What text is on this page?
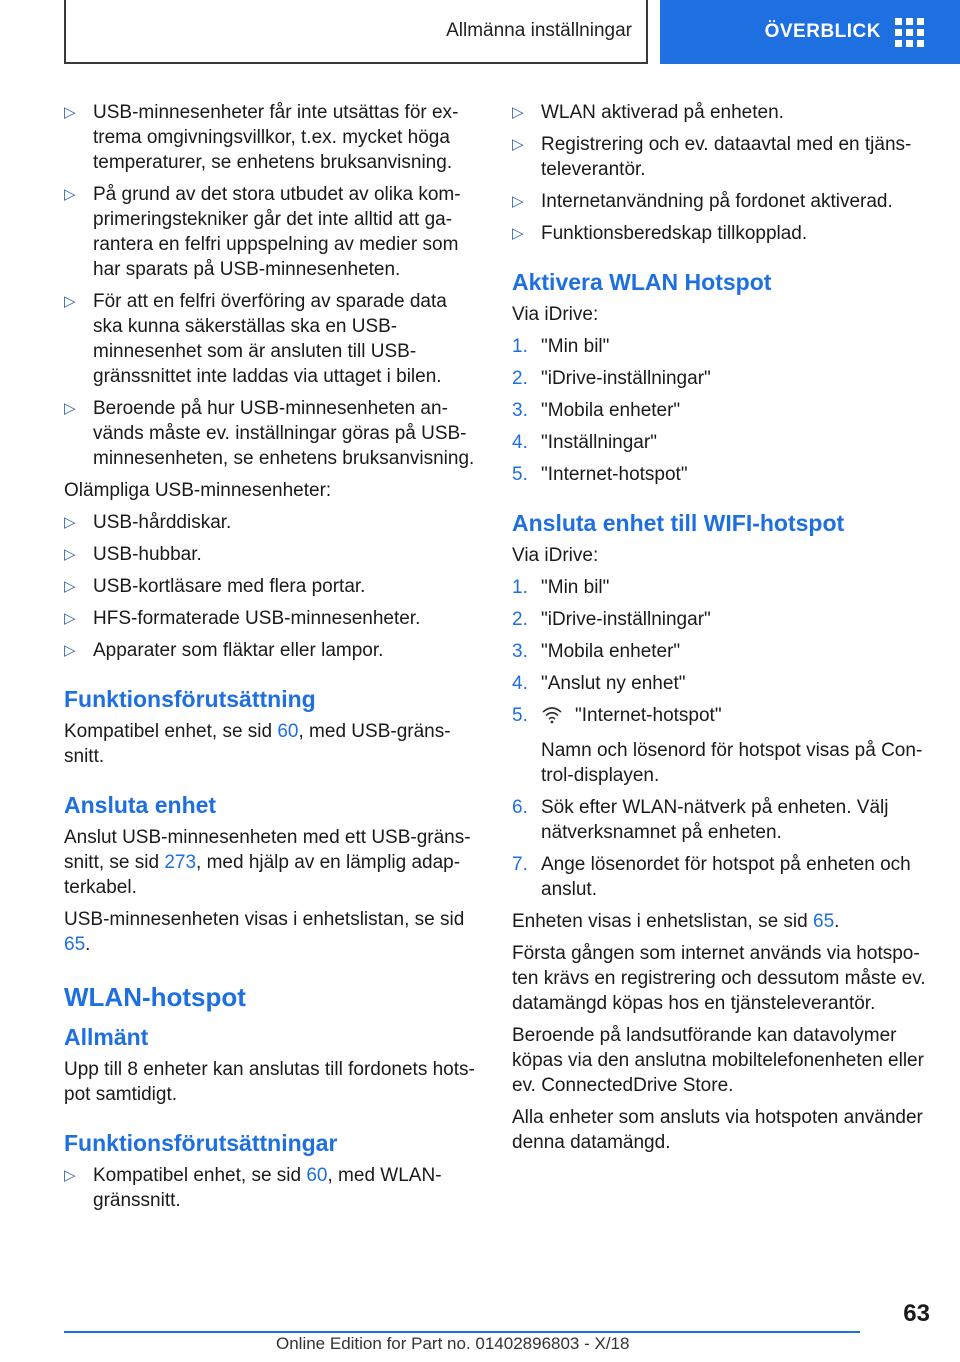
Allmänna inställningar	ÖVERBLICK
▷ USB-minnesenheter får inte utsättas för extrema omgivningsvillkor, t.ex. mycket höga temperaturer, se enhetens bruksanvisning.
▷ På grund av det stora utbudet av olika komprimeringstekniker går det inte alltid att garantera en felfri uppspelning av medier som har sparats på USB-minnesenheten.
▷ För att en felfri överföring av sparade data ska kunna säkerställas ska en USB-minnesenhet som är ansluten till USB-gränssnittet inte laddas via uttaget i bilen.
▷ Beroende på hur USB-minnesenheten används måste ev. inställningar göras på USB-minnesenheten, se enhetens bruksanvisning.

Olämpliga USB-minnesenheter:

▷ USB-hårddiskar.
▷ USB-hubbar.
▷ USB-kortläsare med flera portar.
▷ HFS-formaterade USB-minnesenheter.
▷ Apparater som fläktar eller lampor.
Funktionsförutsättning

Kompatibel enhet, se sid 60, med USB-gränssnitt.

Ansluta enhet

Anslut USB-minnesenheten med ett USB-gränssnitt, se sid 273, med hjälp av en lämplig adapterkabel.

USB-minnesenheten visas i enhetslistan, se sid 65.

WLAN-hotspot
Allmänt

Upp till 8 enheter kan anslutas till fordonets hotspot samtidigt.

Funktionsförutsättningar
▷ Kompatibel enhet, se sid 60, med WLAN-gränssnitt.
▷ WLAN aktiverad på enheten.
▷ Registrering och ev. dataavtal med en tjänsteleverantör.
▷ Internetanvändning på fordonet aktiverad.
▷ Funktionsberedskap tillkopplad.
Aktivera WLAN Hotspot

Via iDrive:

1. "Min bil"
2. "iDrive-inställningar"
3. "Mobila enheter"
4. "Inställningar"
5. "Internet-hotspot"
Ansluta enhet till WIFI-hotspot

Via iDrive:

1. "Min bil"
2. "iDrive-inställningar"
3. "Mobila enheter"
4. "Anslut ny enhet"
5. "Internet-hotspot"
Namn och lösenord för hotspot visas på Control-displayen.
6. Sök efter WLAN-nätverk på enheten. Välj nätverksnamnet på enheten.
7. Ange lösenordet för hotspot på enheten och anslut.

Enheten visas i enhetslistan, se sid 65.

Första gången som internet används via hotspoten krävs en registrering och dessutom måste ev. datamängd köpas hos en tjänsteleverantör.

Beroende på landsutförande kan datavolymer köpas via den anslutna mobiltelefonenheten eller ev. ConnectedDrive Store.

Alla enheter som ansluts via hotspoten använder denna datamängd.

63
Online Edition for Part no. 01402896803 - X/18
